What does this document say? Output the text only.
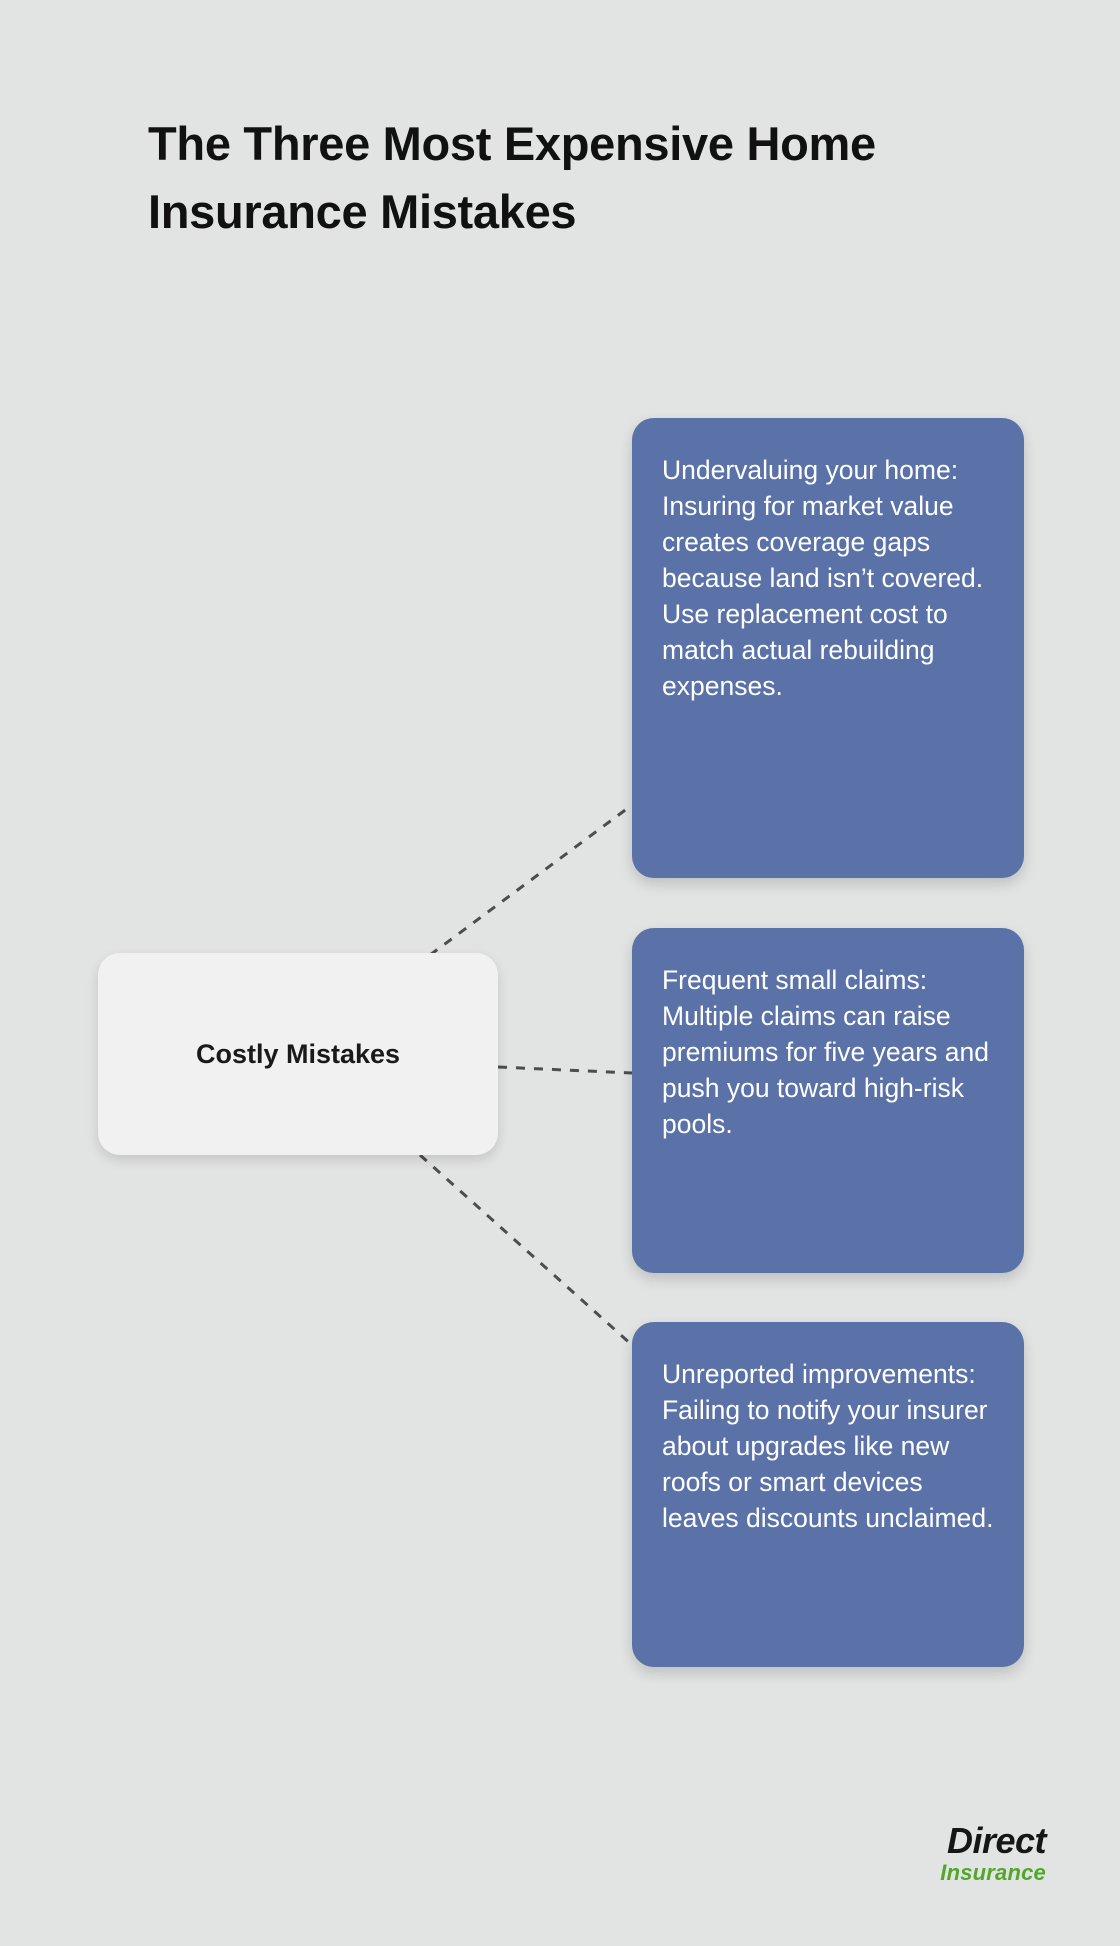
The Three Most Expensive Home Insurance Mistakes
Costly Mistakes
Undervaluing your home: Insuring for market value creates coverage gaps because land isn’t covered. Use replacement cost to match actual rebuilding expenses.
Frequent small claims: Multiple claims can raise premiums for five years and push you toward high-risk pools.
Unreported improvements: Failing to notify your insurer about upgrades like new roofs or smart devices leaves discounts unclaimed.
Direct
Insurance
